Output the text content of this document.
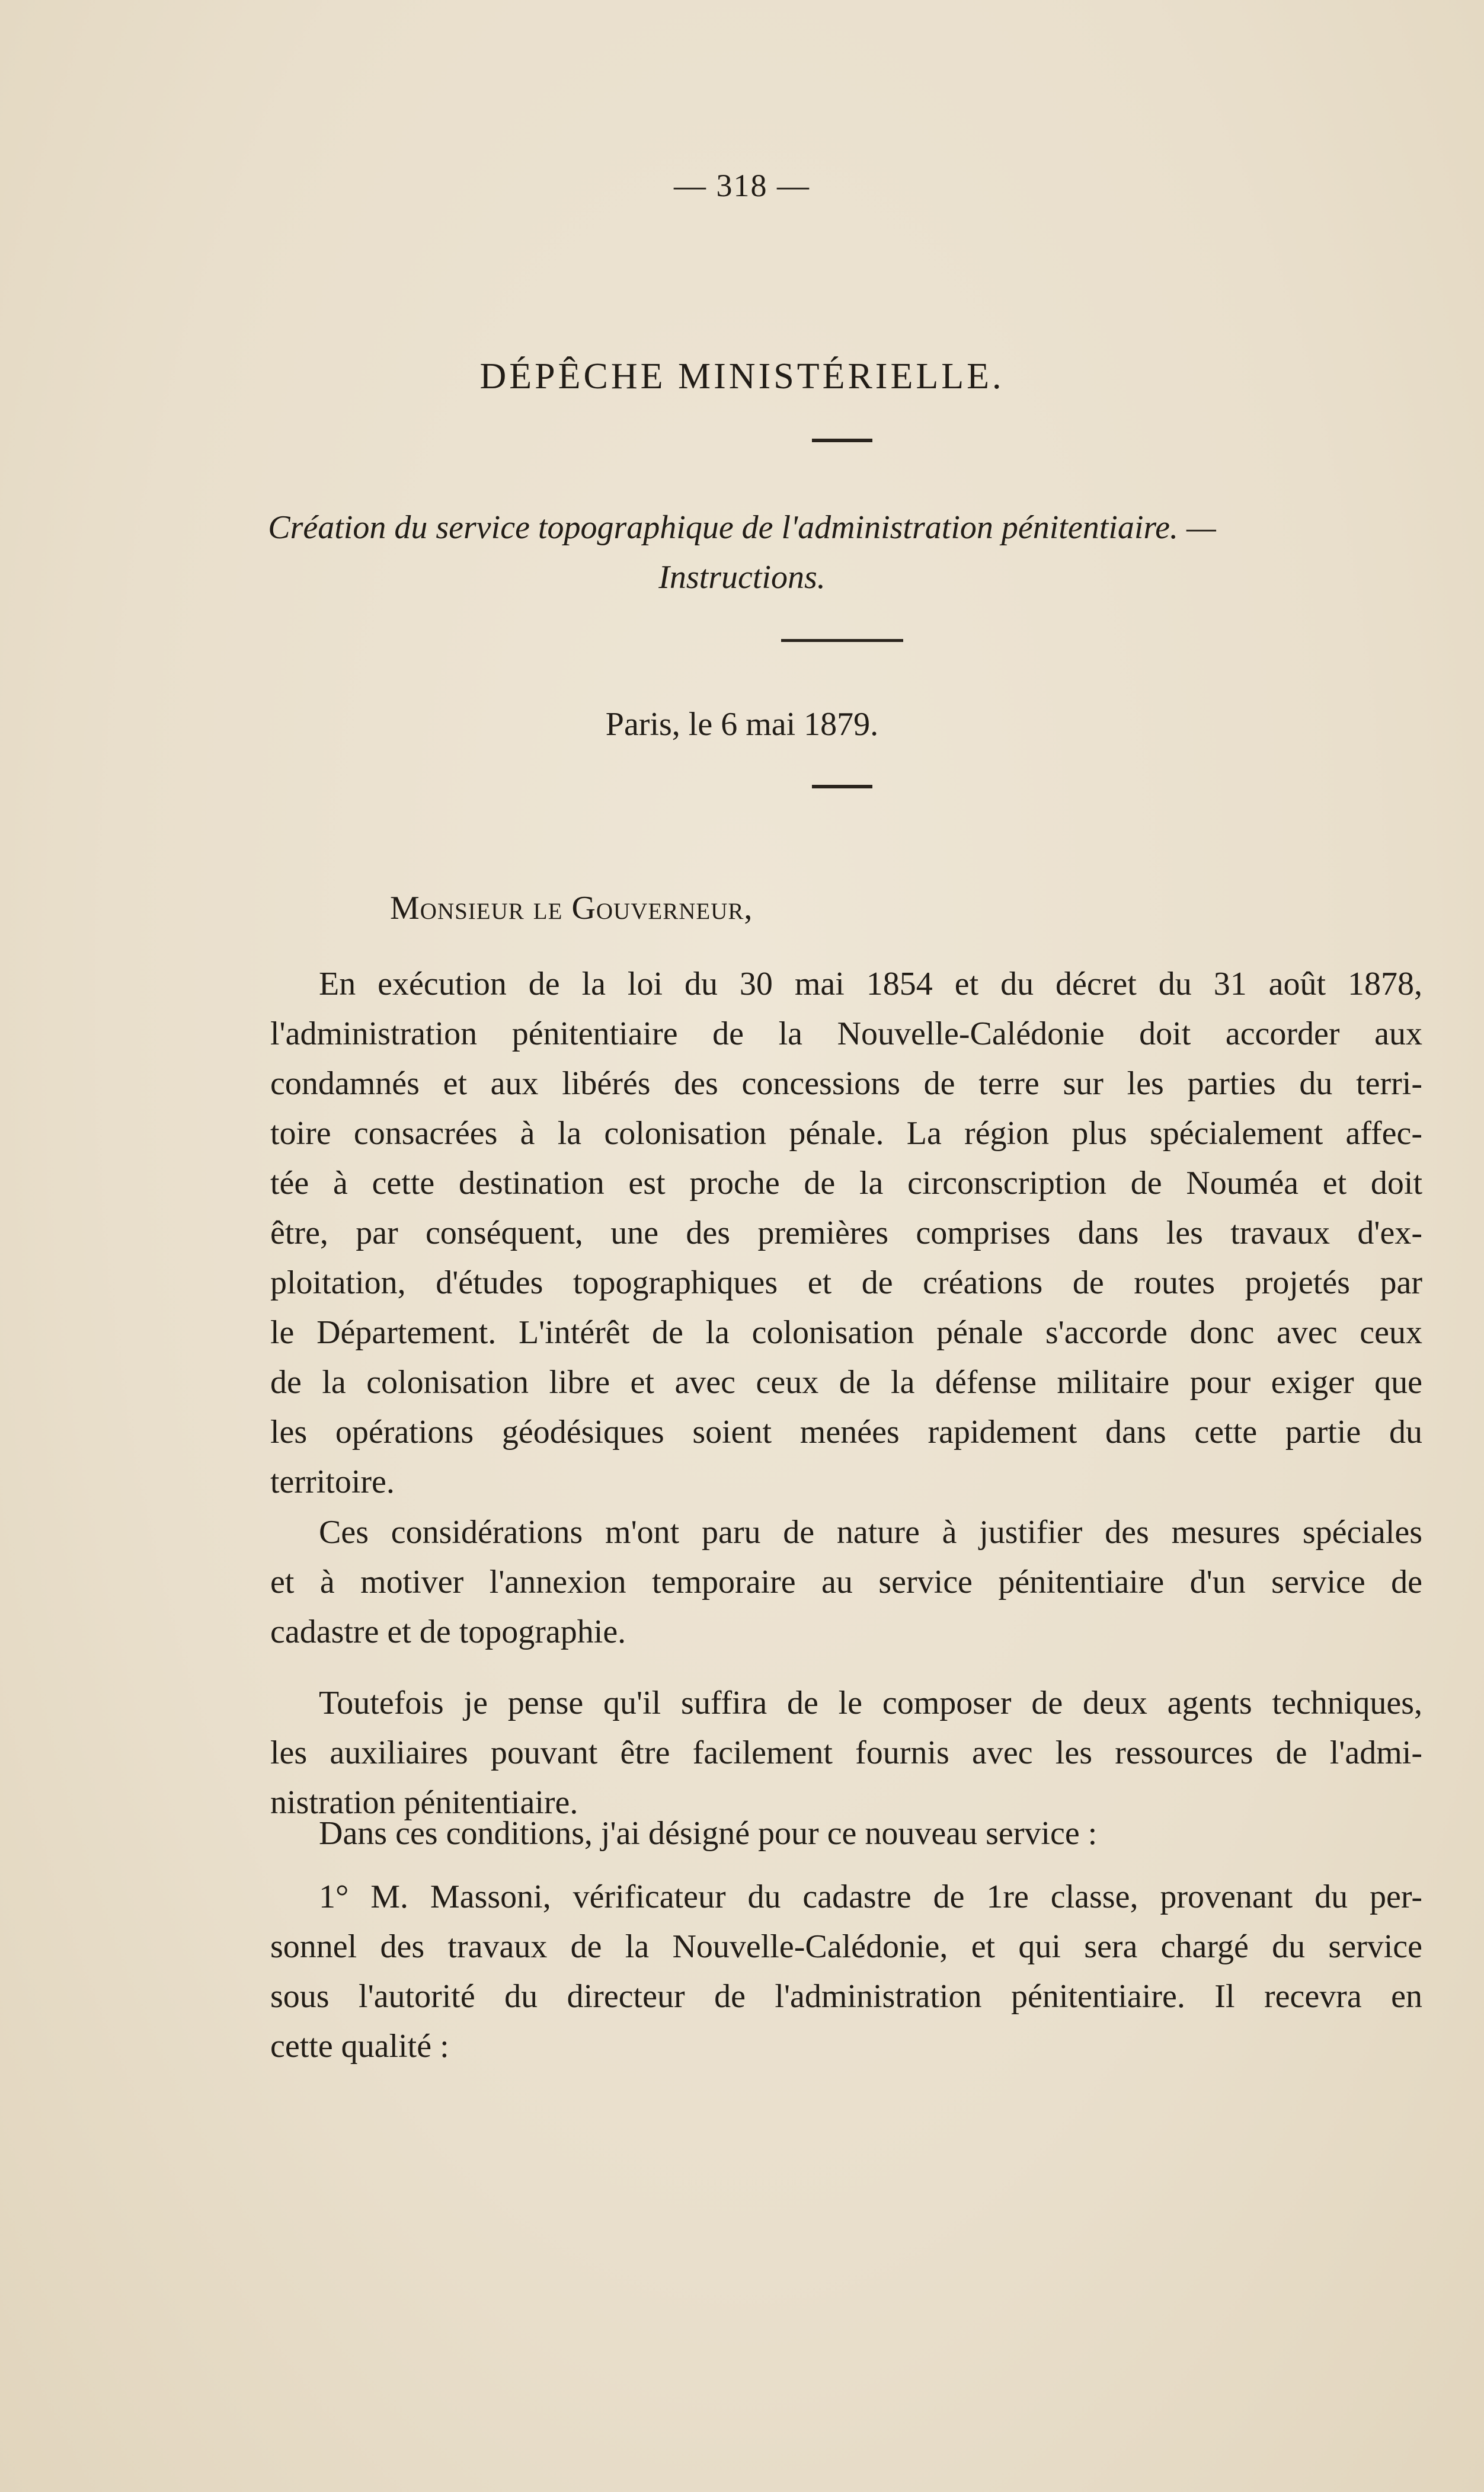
— 318 —
DÉPÊCHE MINISTÉRIELLE.
Création du service topographique de l'administration pénitentiaire. —
Instructions.
Paris, le 6 mai 1879.
Monsieur le Gouverneur,
En exécution de la loi du 30 mai 1854 et du décret du 31 août 1878,
l'administration pénitentiaire de la Nouvelle-Calédonie doit accorder aux
condamnés et aux libérés des concessions de terre sur les parties du terri-
toire consacrées à la colonisation pénale. La région plus spécialement affec-
tée à cette destination est proche de la circonscription de Nouméa et doit
être, par conséquent, une des premières comprises dans les travaux d'ex-
ploitation, d'études topographiques et de créations de routes projetés par
le Département. L'intérêt de la colonisation pénale s'accorde donc avec ceux
de la colonisation libre et avec ceux de la défense militaire pour exiger que
les opérations géodésiques soient menées rapidement dans cette partie du
territoire.
Ces considérations m'ont paru de nature à justifier des mesures spéciales
et à motiver l'annexion temporaire au service pénitentiaire d'un service de
cadastre et de topographie.
Toutefois je pense qu'il suffira de le composer de deux agents techniques,
les auxiliaires pouvant être facilement fournis avec les ressources de l'admi-
nistration pénitentiaire.
Dans ces conditions, j'ai désigné pour ce nouveau service :
1° M. Massoni, vérificateur du cadastre de 1re classe, provenant du per-
sonnel des travaux de la Nouvelle-Calédonie, et qui sera chargé du service
sous l'autorité du directeur de l'administration pénitentiaire. Il recevra en
cette qualité :
